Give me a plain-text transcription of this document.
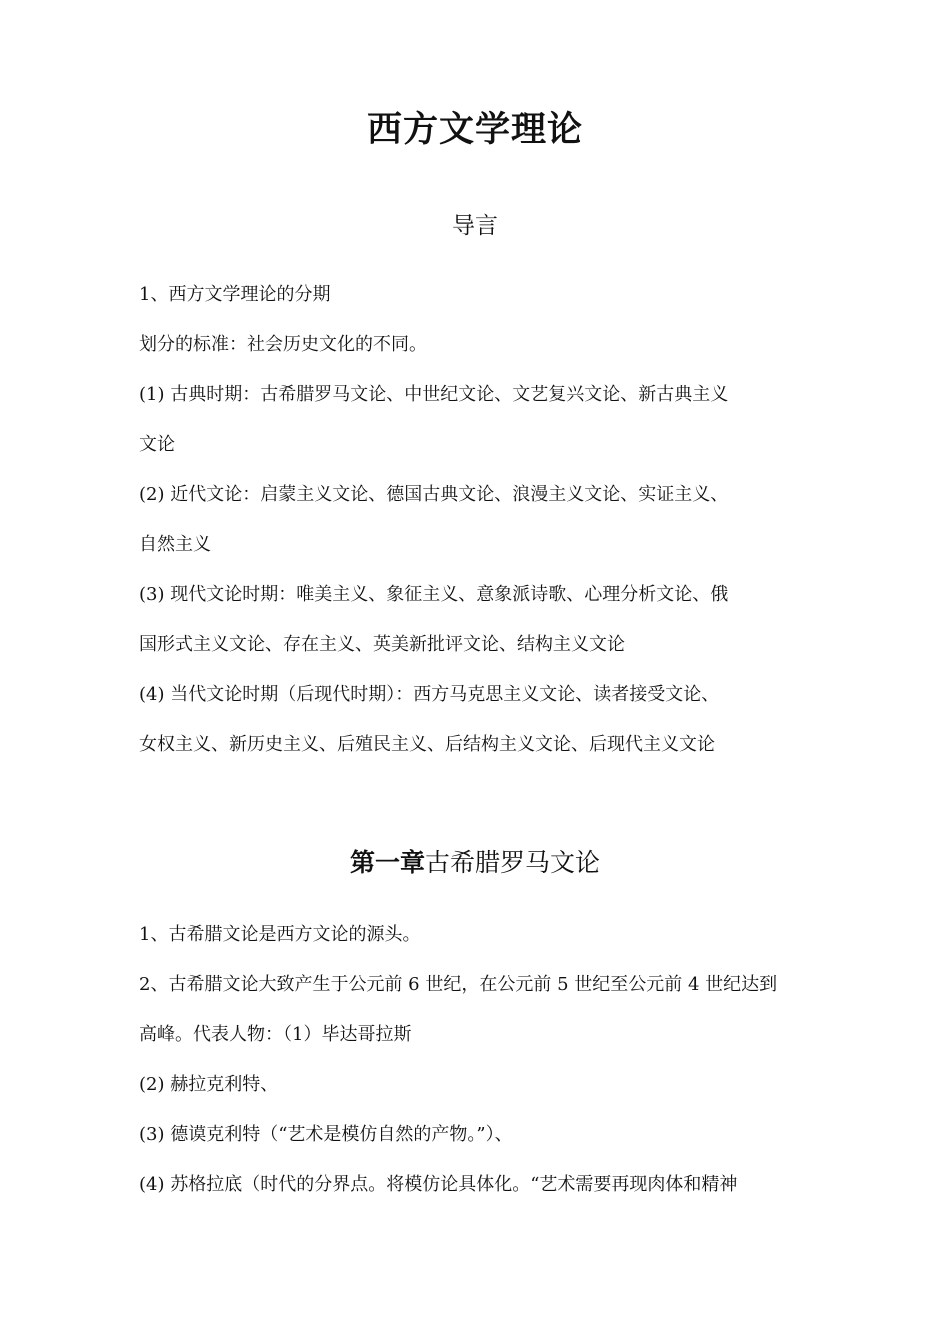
西方文学理论
导言
1、西方文学理论的分期
划分的标准：社会历史文化的不同。
(1) 古典时期：古希腊罗马文论、中世纪文论、文艺复兴文论、新古典主义
文论
(2) 近代文论：启蒙主义文论、德国古典文论、浪漫主义文论、实证主义、
自然主义
(3) 现代文论时期：唯美主义、象征主义、意象派诗歌、心理分析文论、俄
国形式主义文论、存在主义、英美新批评文论、结构主义文论
(4) 当代文论时期（后现代时期）：西方马克思主义文论、读者接受文论、
女权主义、新历史主义、后殖民主义、后结构主义文论、后现代主义文论
第一章古希腊罗马文论
1、古希腊文论是西方文论的源头。
2、古希腊文论大致产生于公元前 6 世纪，在公元前 5 世纪至公元前 4 世纪达到
高峰。代表人物：（1）毕达哥拉斯
(2) 赫拉克利特、
(3) 德谟克利特（“艺术是模仿自然的产物。”）、
(4) 苏格拉底（时代的分界点。将模仿论具体化。“艺术需要再现肉体和精神
